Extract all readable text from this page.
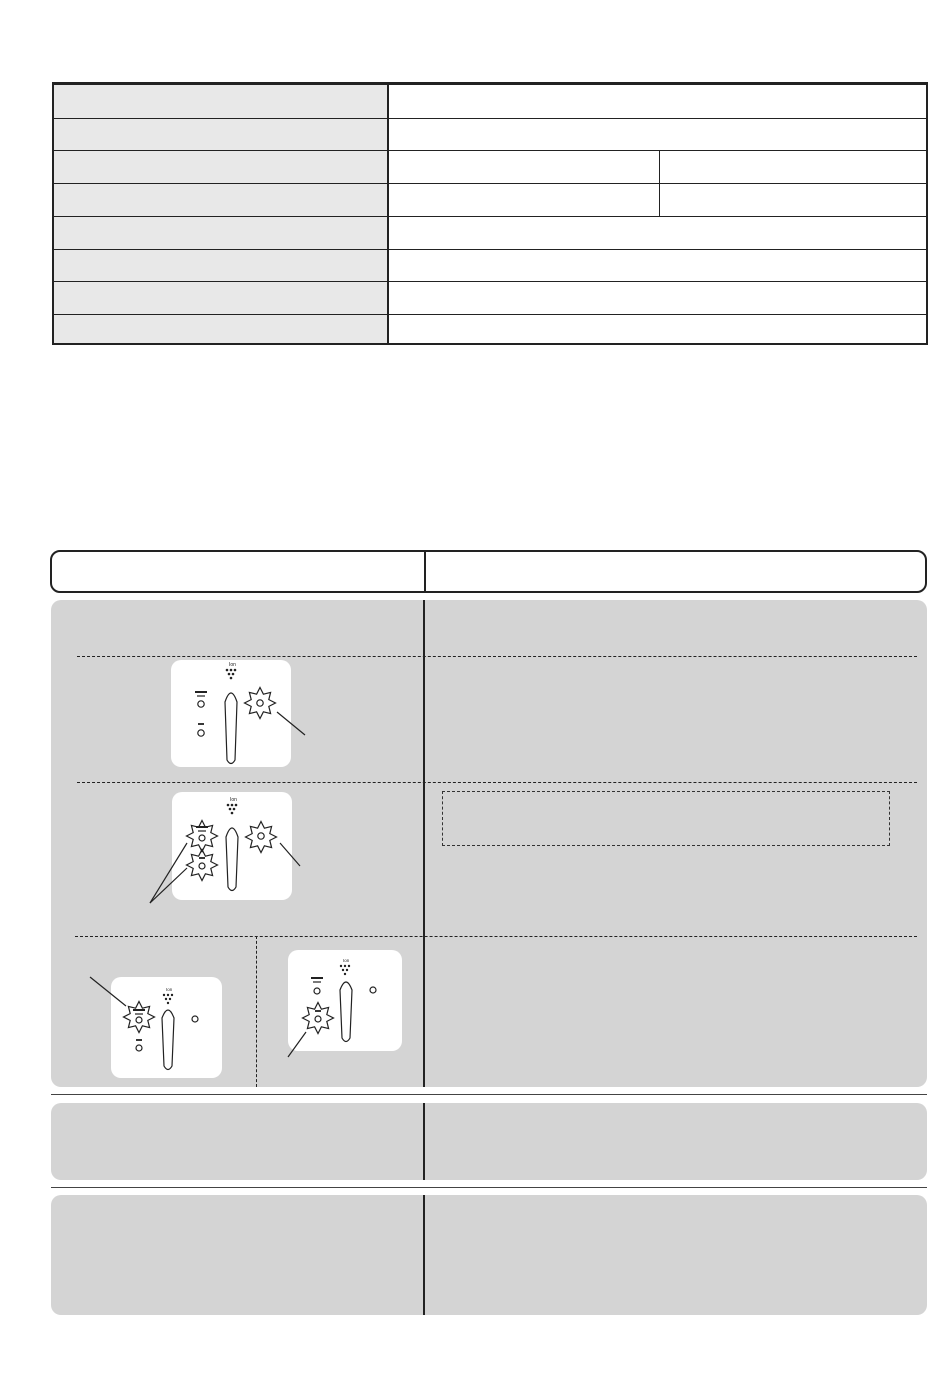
Ion
Ion
Ion
Ion
